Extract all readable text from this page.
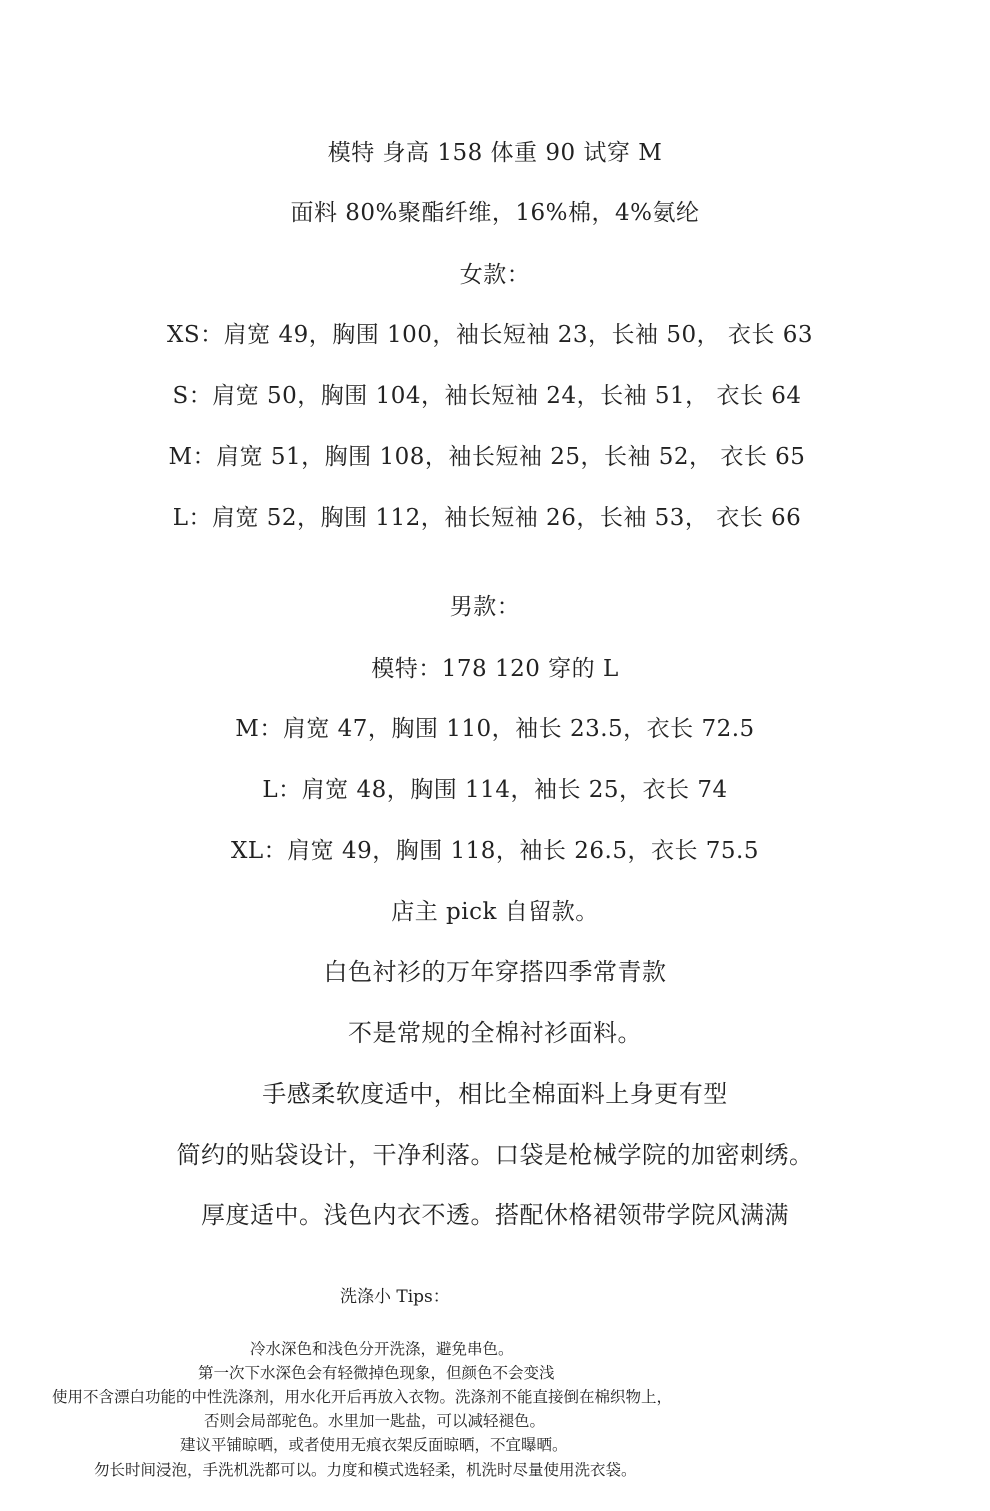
模特 身高 158 体重 90 试穿 M
面料 80%聚酯纤维，16%棉，4%氨纶
女款：
XS：肩宽 49，胸围 100，袖长短袖 23，长袖 50， 衣长 63
S：肩宽 50，胸围 104，袖长短袖 24，长袖 51， 衣长 64
M：肩宽 51，胸围 108，袖长短袖 25，长袖 52， 衣长 65
L：肩宽 52，胸围 112，袖长短袖 26，长袖 53， 衣长 66
男款：
模特：178 120 穿的 L
M：肩宽 47，胸围 110，袖长 23.5，衣长 72.5
L：肩宽 48，胸围 114，袖长 25，衣长 74
XL：肩宽 49，胸围 118，袖长 26.5，衣长 75.5
店主 pick 自留款。
白色衬衫的万年穿搭四季常青款
不是常规的全棉衬衫面料。
手感柔软度适中，相比全棉面料上身更有型
简约的贴袋设计，干净利落。口袋是枪械学院的加密刺绣。
厚度适中。浅色内衣不透。搭配休格裙领带学院风满满
洗涤小 Tips：
冷水深色和浅色分开洗涤，避免串色。
第一次下水深色会有轻微掉色现象，但颜色不会变浅
使用不含漂白功能的中性洗涤剂，用水化开后再放入衣物。洗涤剂不能直接倒在棉织物上，
否则会局部驼色。水里加一匙盐，可以减轻褪色。
建议平铺晾晒，或者使用无痕衣架反面晾晒，不宜曝晒。
勿长时间浸泡，手洗机洗都可以。力度和模式选轻柔，机洗时尽量使用洗衣袋。
